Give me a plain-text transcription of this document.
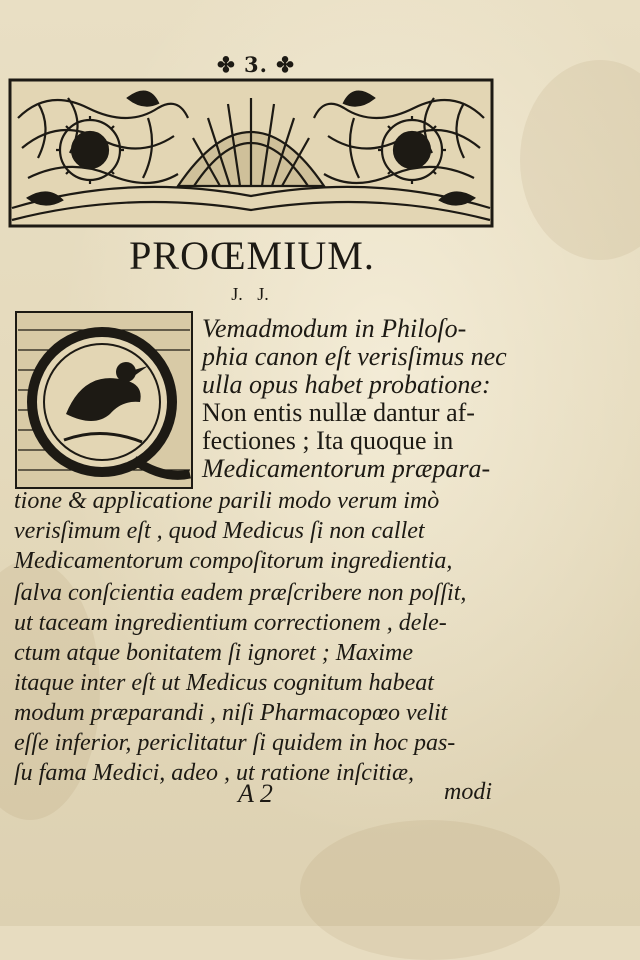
✤ 3. ✤
PROŒMIUM.
J. J.
Vemadmodum in Philoſo-
phia canon eſt verisſimus nec
ulla opus habet probatione:
Non entis nullæ dantur af-
fectiones ; Ita quoque in
Medicamentorum præpara-
tione & applicatione parili modo verum imò
verisſimum eſt , quod Medicus ſi non callet
Medicamentorum compoſitorum ingredientia,
ſalva conſcientia eadem præſcribere non poſſit,
ut taceam ingredientium correctionem , dele-
ctum atque bonitatem ſi ignoret ; Maxime
itaque inter eſt ut Medicus cognitum habeat
modum præparandi , niſi Pharmacopœo velit
eſſe inferior, periclitatur ſi quidem in hoc pas-
ſu fama Medici, adeo , ut ratione inſcitiæ,
A 2	modi
